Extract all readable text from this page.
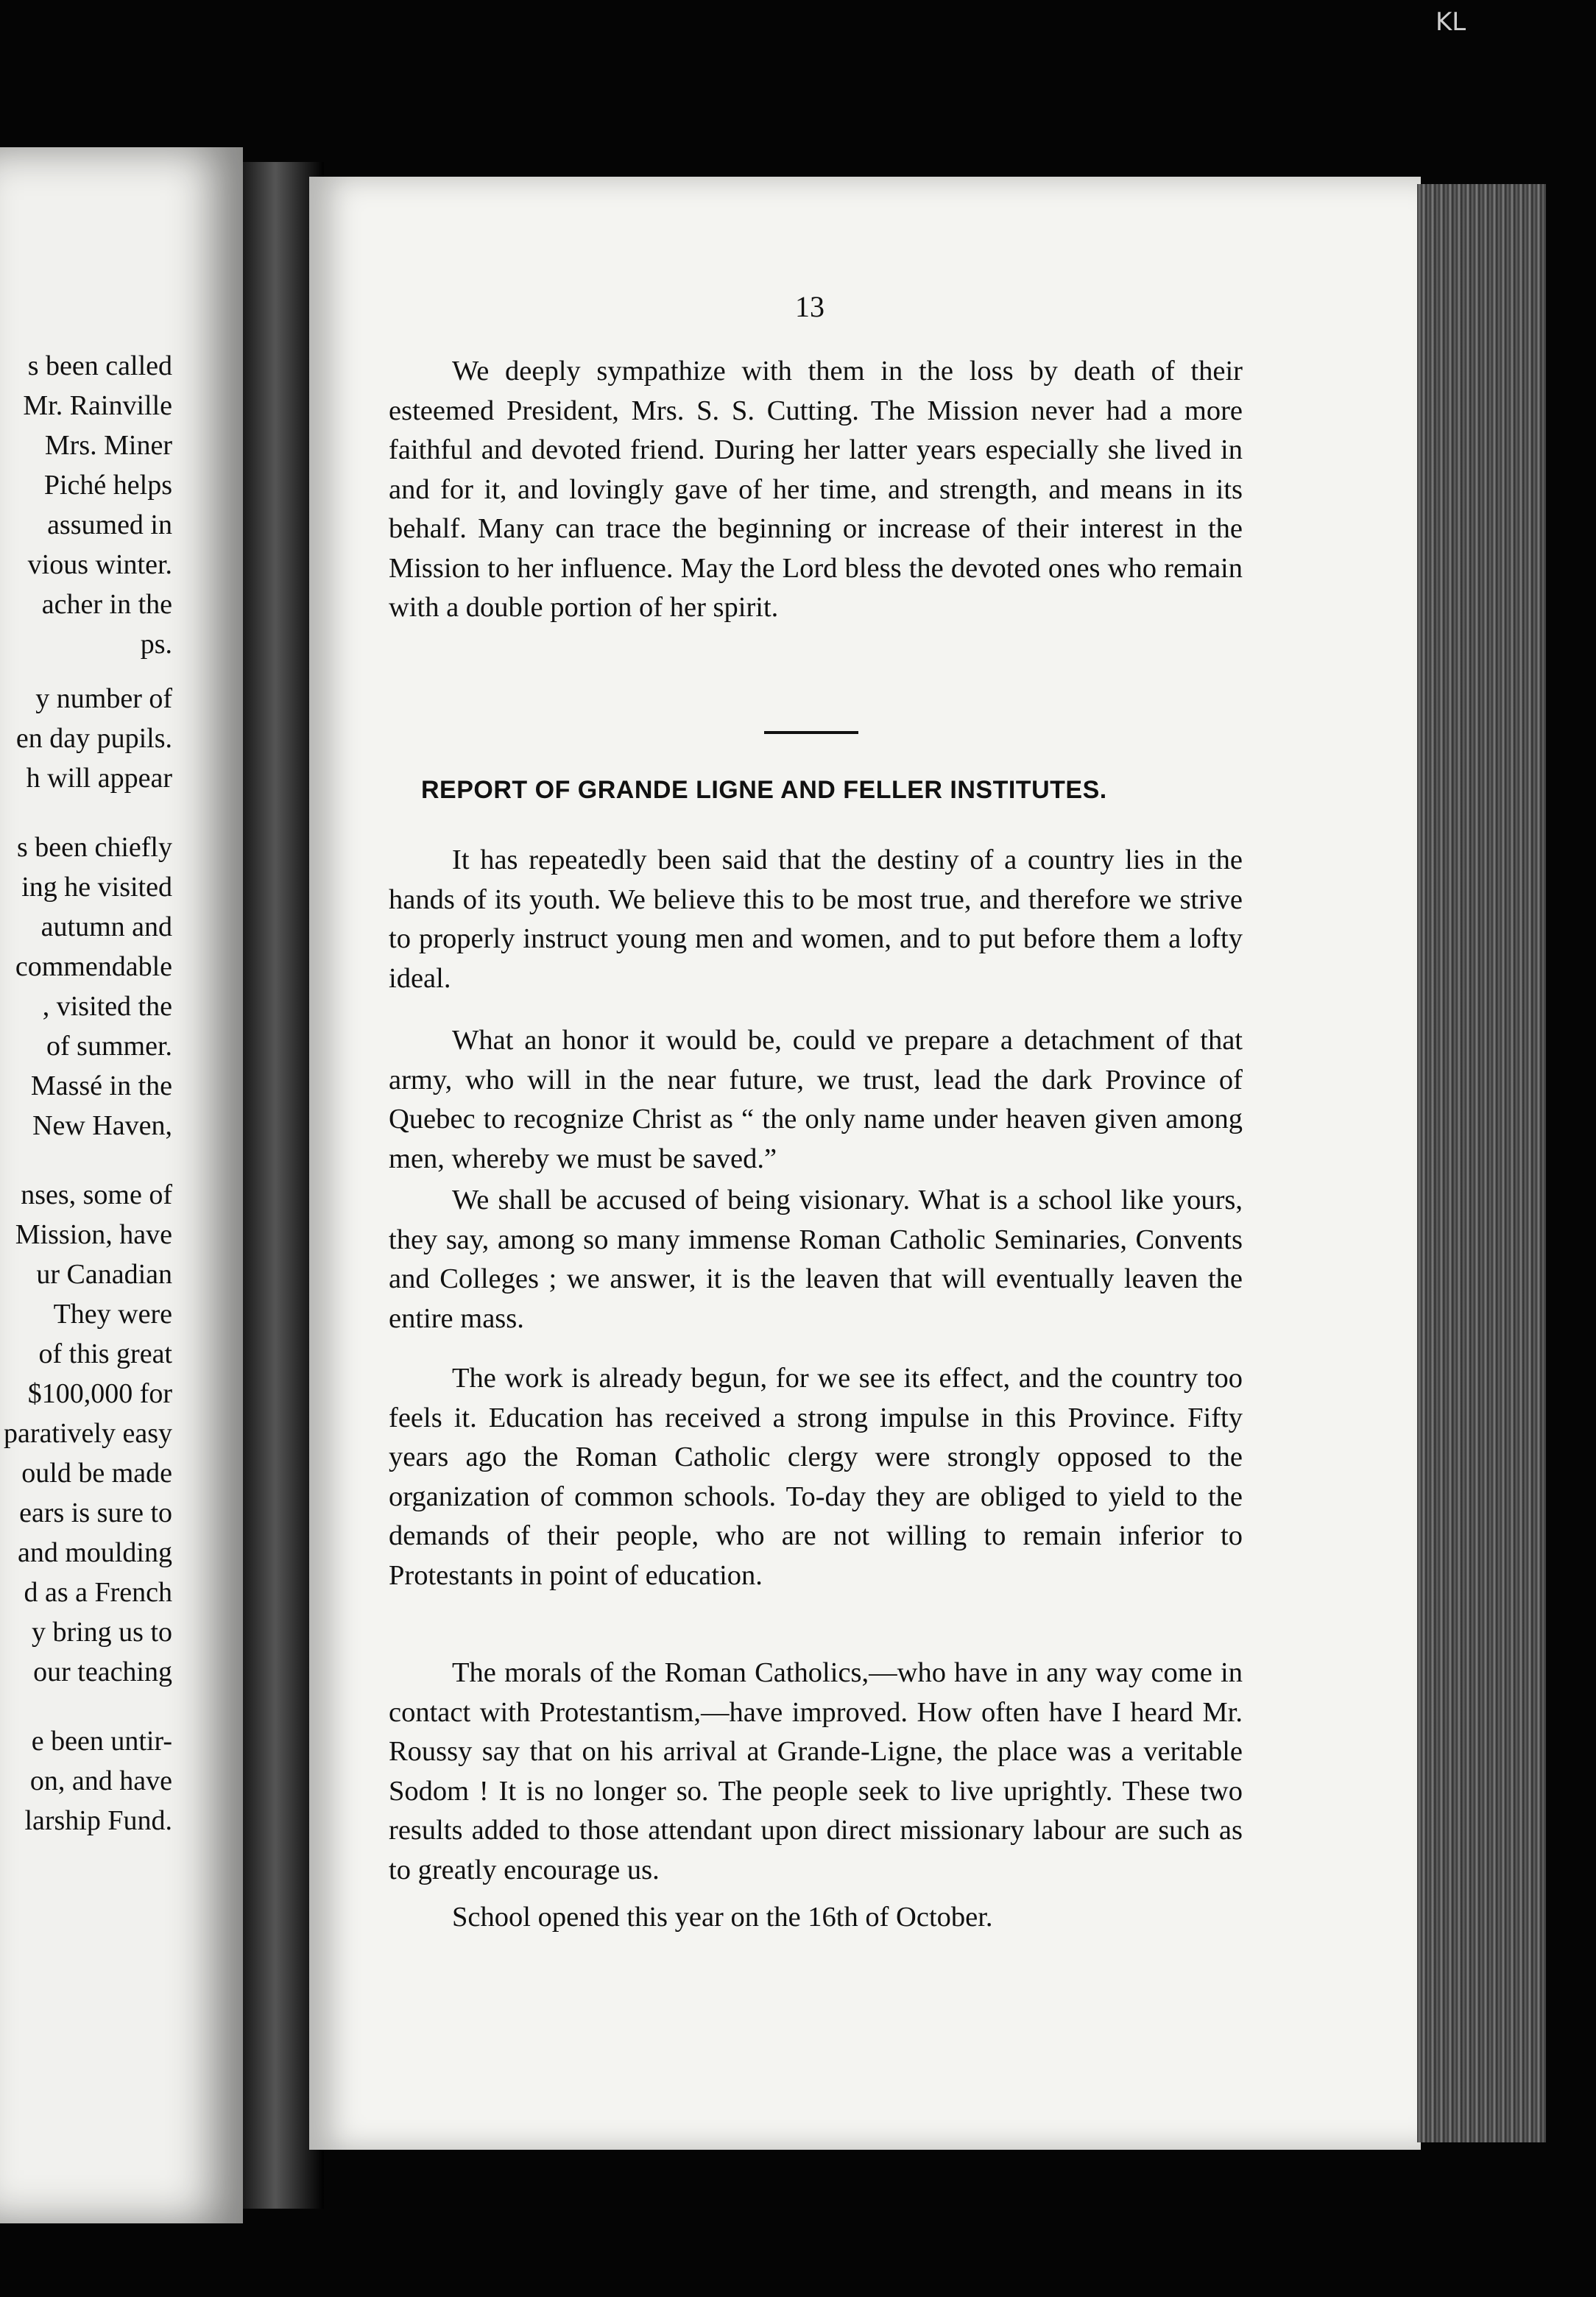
KL
s been called
Mr. Rainville
Mrs. Miner
Piché helps
assumed in
vious winter.
acher in the
ps.
y number of
en day pupils.
h will appear
s been chiefly
ing he visited
autumn and
commendable
, visited the
of summer.
Massé in the
New Haven,
nses, some of
Mission, have
ur Canadian
They were
of this great
$100,000 for
paratively easy
ould be made
ears is sure to
and moulding
d as a French
y bring us to
our teaching
e been untir-
on, and have
larship Fund.
13

We deeply sympathize with them in the loss by death of their esteemed President, Mrs. S. S. Cutting. The Mission never had a more faithful and devoted friend. During her latter years especially she lived in and for it, and lovingly gave of her time, and strength, and means in its behalf. Many can trace the beginning or increase of their interest in the Mission to her influence. May the Lord bless the devoted ones who remain with a double portion of her spirit.

REPORT OF GRANDE LIGNE AND FELLER INSTITUTES.

It has repeatedly been said that the destiny of a country lies in the hands of its youth. We believe this to be most true, and therefore we strive to properly instruct young men and women, and to put before them a lofty ideal.

What an honor it would be, could ve prepare a detachment of that army, who will in the near future, we trust, lead the dark Province of Quebec to recognize Christ as “ the only name under heaven given among men, whereby we must be saved.”

We shall be accused of being visionary. What is a school like yours, they say, among so many immense Roman Catholic Seminaries, Convents and Colleges ; we answer, it is the leaven that will eventually leaven the entire mass.

The work is already begun, for we see its effect, and the country too feels it. Education has received a strong impulse in this Province. Fifty years ago the Roman Catholic clergy were strongly opposed to the organization of common schools. To-day they are obliged to yield to the demands of their people, who are not willing to remain inferior to Protestants in point of education.

The morals of the Roman Catholics,—who have in any way come in contact with Protestantism,—have improved. How often have I heard Mr. Roussy say that on his arrival at Grande-Ligne, the place was a veritable Sodom ! It is no longer so. The people seek to live uprightly. These two results added to those attendant upon direct missionary labour are such as to greatly encourage us.

School opened this year on the 16th of October.
